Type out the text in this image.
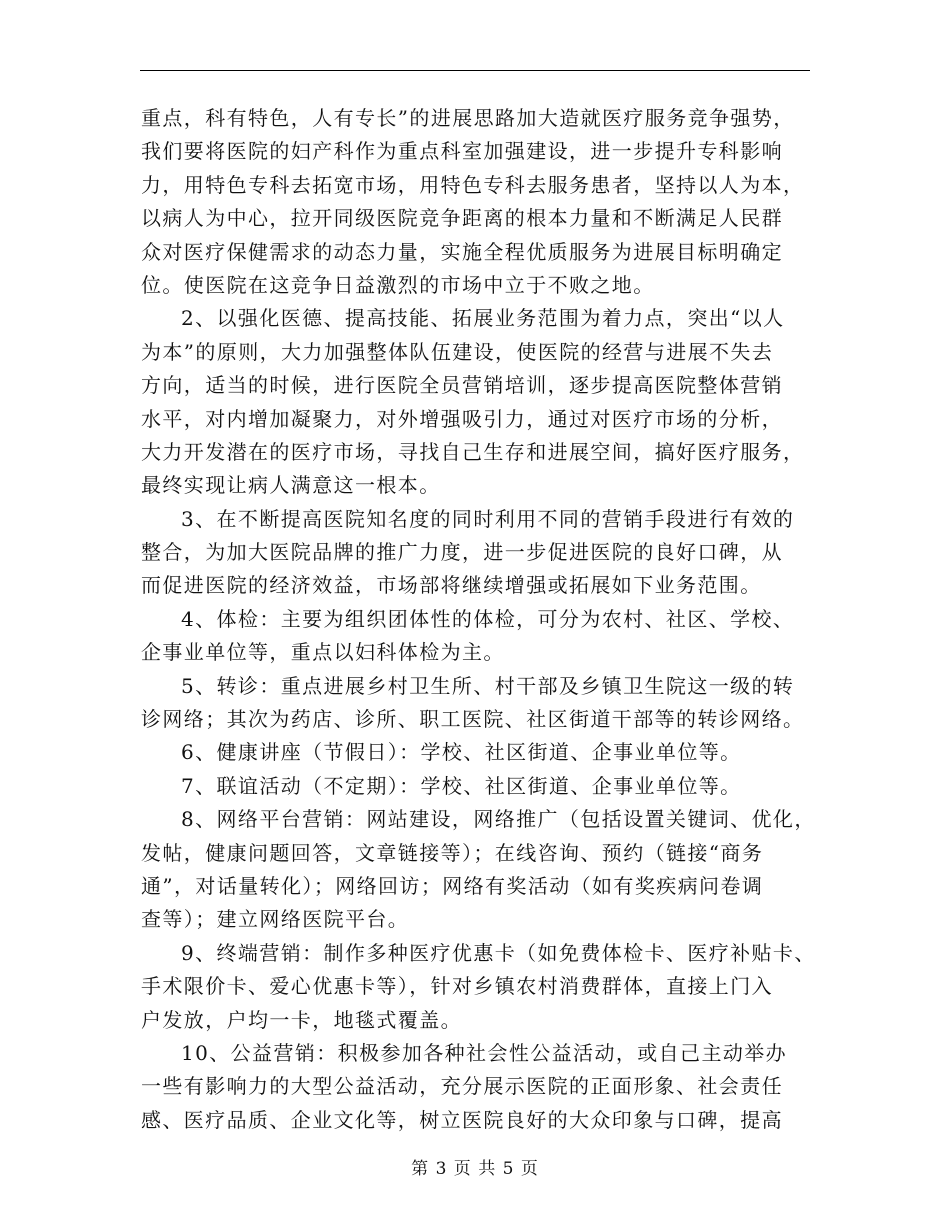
重点，科有特色，人有专长”的进展思路加大造就医疗服务竞争强势，
我们要将医院的妇产科作为重点科室加强建设，进一步提升专科影响
力，用特色专科去拓宽市场，用特色专科去服务患者，坚持以人为本，
以病人为中心，拉开同级医院竞争距离的根本力量和不断满足人民群
众对医疗保健需求的动态力量，实施全程优质服务为进展目标明确定
位。使医院在这竞争日益激烈的市场中立于不败之地。
2、以强化医德、提高技能、拓展业务范围为着力点，突出“以人
为本”的原则，大力加强整体队伍建设，使医院的经营与进展不失去
方向，适当的时候，进行医院全员营销培训，逐步提高医院整体营销
水平，对内增加凝聚力，对外增强吸引力，通过对医疗市场的分析，
大力开发潜在的医疗市场，寻找自己生存和进展空间，搞好医疗服务，
最终实现让病人满意这一根本。
3、在不断提高医院知名度的同时利用不同的营销手段进行有效的
整合，为加大医院品牌的推广力度，进一步促进医院的良好口碑，从
而促进医院的经济效益，市场部将继续增强或拓展如下业务范围。
4、体检：主要为组织团体性的体检，可分为农村、社区、学校、
企事业单位等，重点以妇科体检为主。
5、转诊：重点进展乡村卫生所、村干部及乡镇卫生院这一级的转
诊网络；其次为药店、诊所、职工医院、社区街道干部等的转诊网络。
6、健康讲座（节假日）：学校、社区街道、企事业单位等。
7、联谊活动（不定期）：学校、社区街道、企事业单位等。
8、网络平台营销：网站建设，网络推广（包括设置关键词、优化，
发帖，健康问题回答，文章链接等）；在线咨询、预约（链接“商务
通”，对话量转化）；网络回访；网络有奖活动（如有奖疾病问卷调
查等）；建立网络医院平台。
9、终端营销：制作多种医疗优惠卡（如免费体检卡、医疗补贴卡、
手术限价卡、爱心优惠卡等），针对乡镇农村消费群体，直接上门入
户发放，户均一卡，地毯式覆盖。
10、公益营销：积极参加各种社会性公益活动，或自己主动举办
一些有影响力的大型公益活动，充分展示医院的正面形象、社会责任
感、医疗品质、企业文化等，树立医院良好的大众印象与口碑，提高
第 3 页 共 5 页
